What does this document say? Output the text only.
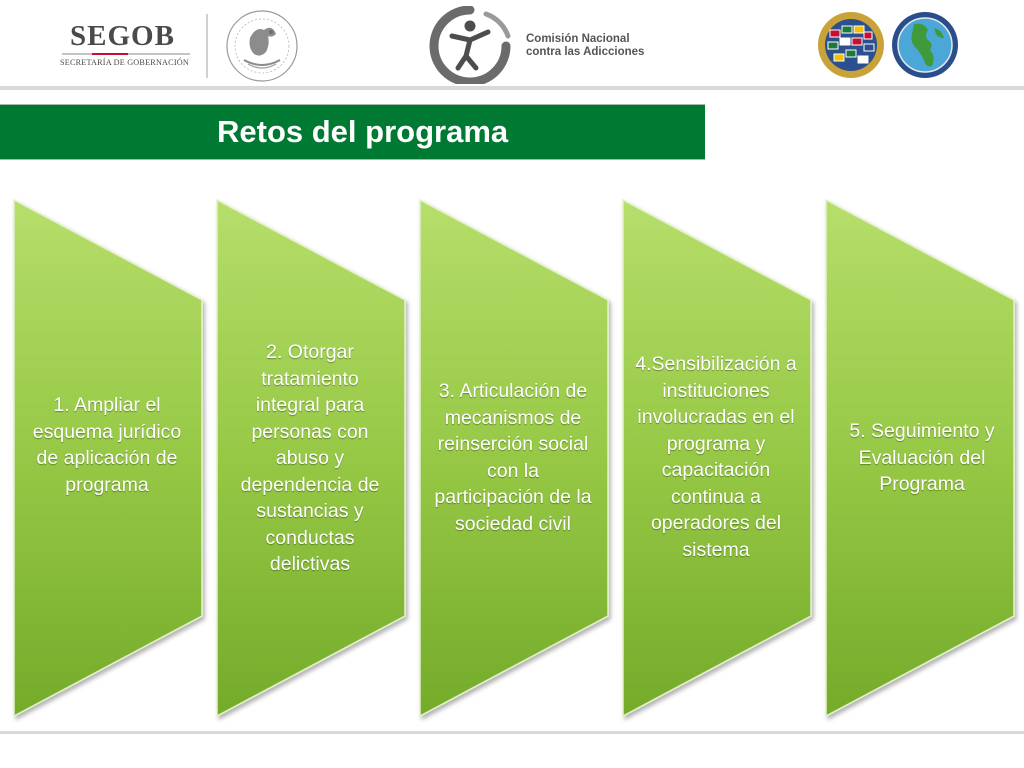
SEGOB
SECRETARÍA DE GOBERNACIÓN
Comisión Nacional
contra las Adicciones
Retos del programa
1. Ampliar el esquema jurídico de aplicación de programa
2. Otorgar tratamiento integral para personas con abuso y dependencia de sustancias y conductas delictivas
3. Articulación de mecanismos de reinserción social con la participación de la sociedad civil
4.Sensibilización a instituciones involucradas en el programa y capacitación continua a operadores del sistema
5. Seguimiento y Evaluación del Programa
